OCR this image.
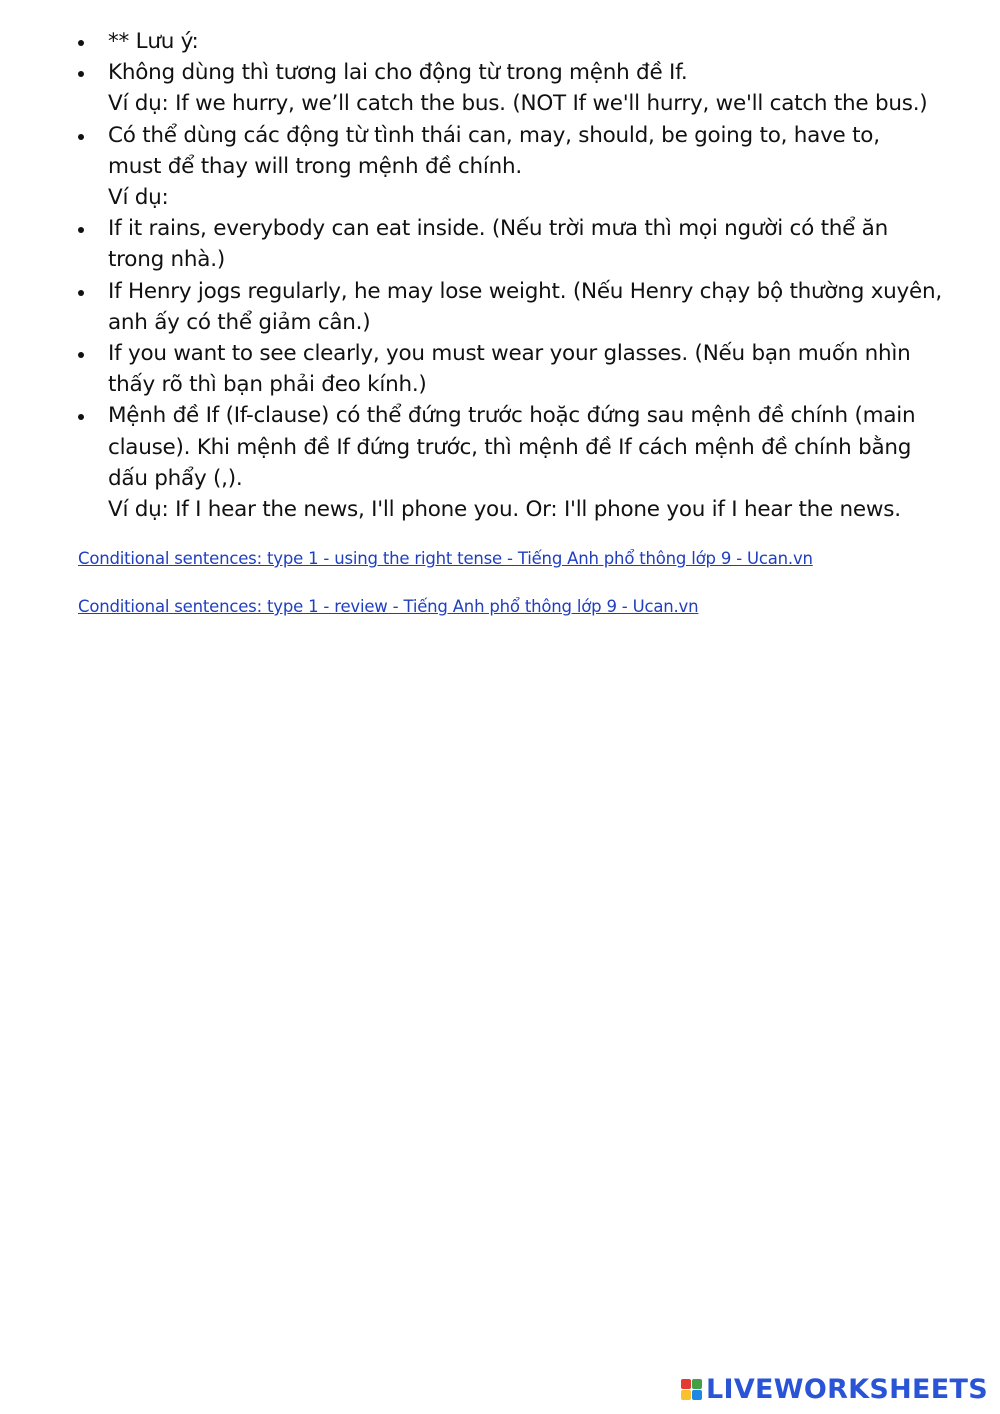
** Lưu ý:
Không dùng thì tương lai cho động từ trong mệnh đề If.
Ví dụ: If we hurry, we’ll catch the bus. (NOT If we'll hurry, we'll catch the bus.)
Có thể dùng các động từ tình thái can, may, should, be going to, have to,
must để thay will trong mệnh đề chính.
Ví dụ:
If it rains, everybody can eat inside. (Nếu trời mưa thì mọi người có thể ăn
trong nhà.)
If Henry jogs regularly, he may lose weight. (Nếu Henry chạy bộ thường xuyên,
anh ấy có thể giảm cân.)
If you want to see clearly, you must wear your glasses. (Nếu bạn muốn nhìn
thấy rõ thì bạn phải đeo kính.)
Mệnh đề If (If-clause) có thể đứng trước hoặc đứng sau mệnh đề chính (main
clause). Khi mệnh đề If đứng trước, thì mệnh đề If cách mệnh đề chính bằng
dấu phẩy (,).
Ví dụ: If I hear the news, I'll phone you. Or: I'll phone you if I hear the news.
Conditional sentences: type 1 - using the right tense - Tiếng Anh phổ thông lớp 9 - Ucan.vn
Conditional sentences: type 1 - review - Tiếng Anh phổ thông lớp 9 - Ucan.vn
LIVEWORKSHEETS
